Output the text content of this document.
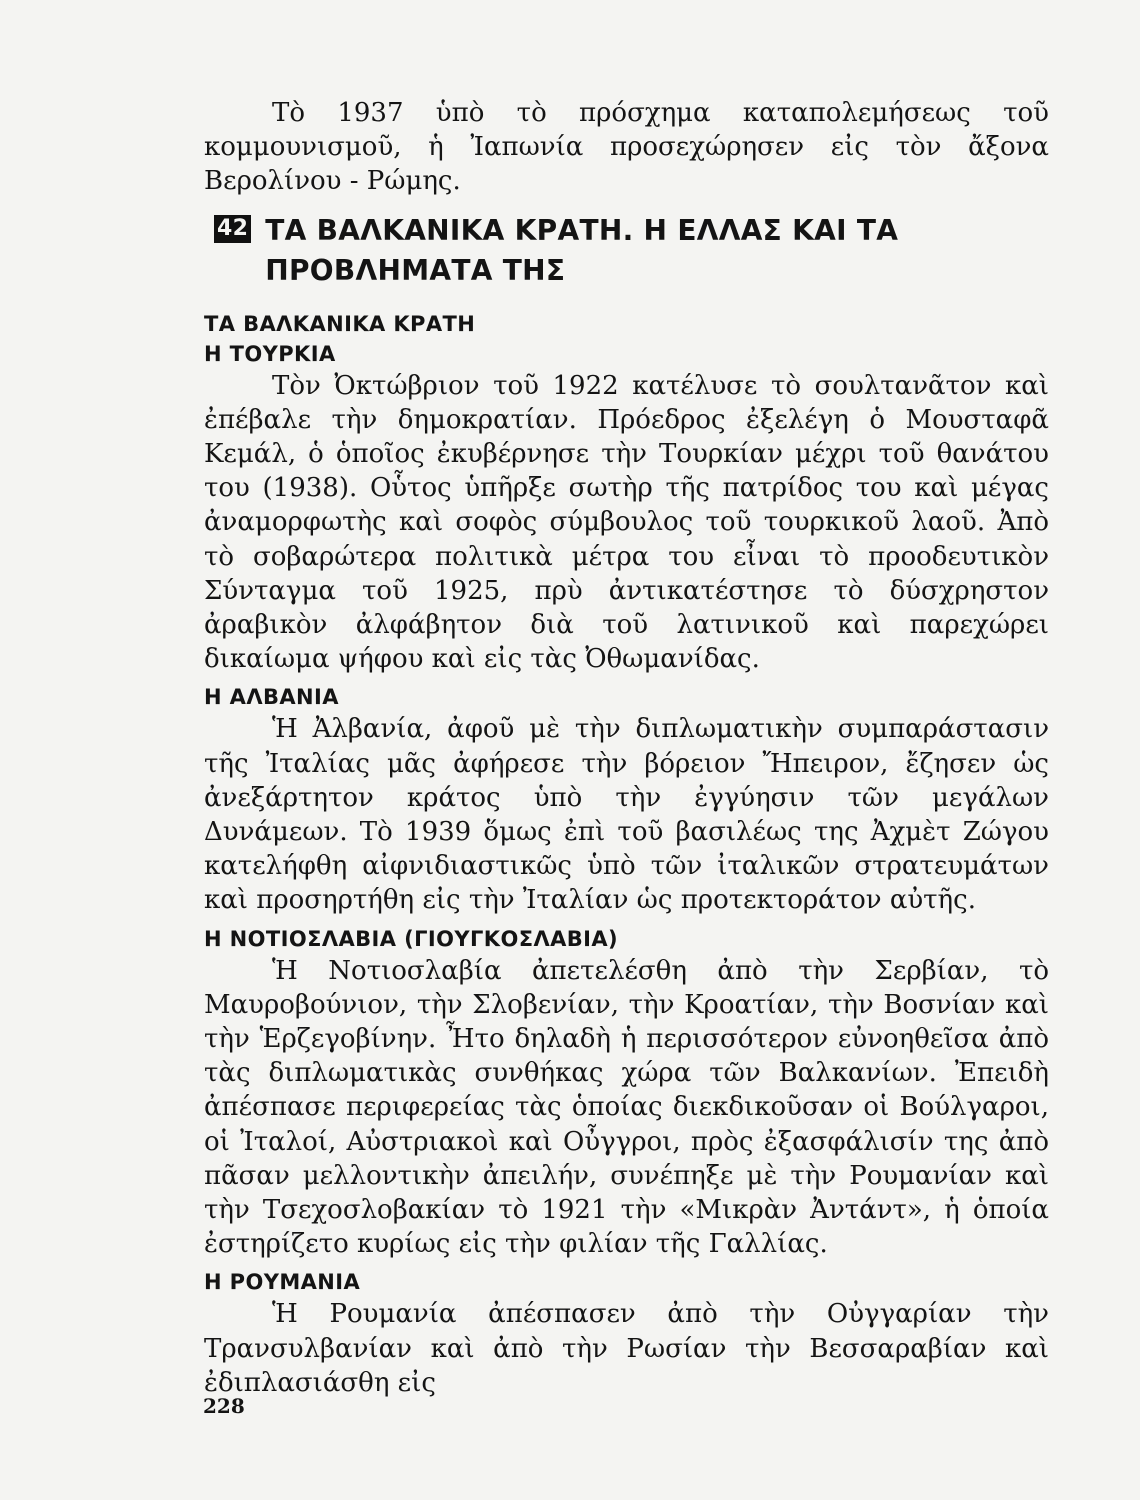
Τὸ 1937 ὑπὸ τὸ πρόσχημα καταπολεμήσεως τοῦ κομμουνισμοῦ, ἡ Ἰαπωνία προσεχώρησεν εἰς τὸν ἄξονα Βερολίνου - Ρώμης.

42 ΤΑ ΒΑΛΚΑΝΙΚΑ ΚΡΑΤΗ. Η ΕΛΛΑΣ ΚΑΙ ΤΑ ΠΡΟΒΛΗΜΑΤΑ ΤΗΣ

ΤΑ ΒΑΛΚΑΝΙΚΑ ΚΡΑΤΗ

Η ΤΟΥΡΚΙΑ

Τὸν Ὀκτώβριον τοῦ 1922 κατέλυσε τὸ σουλτανᾶτον καὶ ἐπέβαλε τὴν δημοκρατίαν. Πρόεδρος ἐξελέγη ὁ Μουσταφᾶ Κεμάλ, ὁ ὁποῖος ἐκυβέρνησε τὴν Τουρκίαν μέχρι τοῦ θανάτου του (1938). Οὗτος ὑπῆρξε σωτὴρ τῆς πατρίδος του καὶ μέγας ἀναμορφωτὴς καὶ σοφὸς σύμβουλος τοῦ τουρκικοῦ λαοῦ. Ἀπὸ τὸ σοβαρώτερα πολιτικὰ μέτρα του εἶναι τὸ προοδευτικὸν Σύνταγμα τοῦ 1925, πρὺ ἀντικατέστησε τὸ δύσχρηστον ἀραβικὸν ἀλφάβητον διὰ τοῦ λατινικοῦ καὶ παρεχώρει δικαίωμα ψήφου καὶ εἰς τὰς Ὀθωμανίδας.

Η ΑΛΒΑΝΙΑ

Ἡ Ἀλβανία, ἀφοῦ μὲ τὴν διπλωματικὴν συμπαράστασιν τῆς Ἰταλίας μᾶς ἀφήρεσε τὴν βόρειον Ἤπειρον, ἔζησεν ὡς ἀνεξάρτητον κράτος ὑπὸ τὴν ἐγγύησιν τῶν μεγάλων Δυνάμεων. Τὸ 1939 ὅμως ἐπὶ τοῦ βασιλέως της Ἀχμὲτ Ζώγου κατελήφθη αἰφνιδιαστικῶς ὑπὸ τῶν ἰταλικῶν στρατευμάτων καὶ προσηρτήθη εἰς τὴν Ἰταλίαν ὡς προτεκτοράτον αὐτῆς.

Η ΝΟΤΙΟΣΛΑΒΙΑ (ΓΙΟΥΓΚΟΣΛΑΒΙΑ)

Ἡ Νοτιοσλαβία ἀπετελέσθη ἀπὸ τὴν Σερβίαν, τὸ Μαυροβούνιον, τὴν Σλοβενίαν, τὴν Κροατίαν, τὴν Βοσνίαν καὶ τὴν Ἑρζεγοβίνην. Ἦτο δηλαδὴ ἡ περισσότερον εὐνοηθεῖσα ἀπὸ τὰς διπλωματικὰς συνθήκας χώρα τῶν Βαλκανίων. Ἐπειδὴ ἀπέσπασε περιφερείας τὰς ὁποίας διεκδικοῦσαν οἱ Βούλγαροι, οἱ Ἰταλοί, Αὐστριακοὶ καὶ Οὖγγροι, πρὸς ἐξασφάλισίν της ἀπὸ πᾶσαν μελλοντικὴν ἀπειλήν, συνέπηξε μὲ τὴν Ρουμανίαν καὶ τὴν Τσεχοσλοβακίαν τὸ 1921 τὴν «Μικρὰν Ἀντάντ», ἡ ὁποία ἐστηρίζετο κυρίως εἰς τὴν φιλίαν τῆς Γαλλίας.

Η ΡΟΥΜΑΝΙΑ

Ἡ Ρουμανία ἀπέσπασεν ἀπὸ τὴν Οὐγγαρίαν τὴν Τρανσυλβανίαν καὶ ἀπὸ τὴν Ρωσίαν τὴν Βεσσαραβίαν καὶ ἐδιπλασιάσθη εἰς

228
